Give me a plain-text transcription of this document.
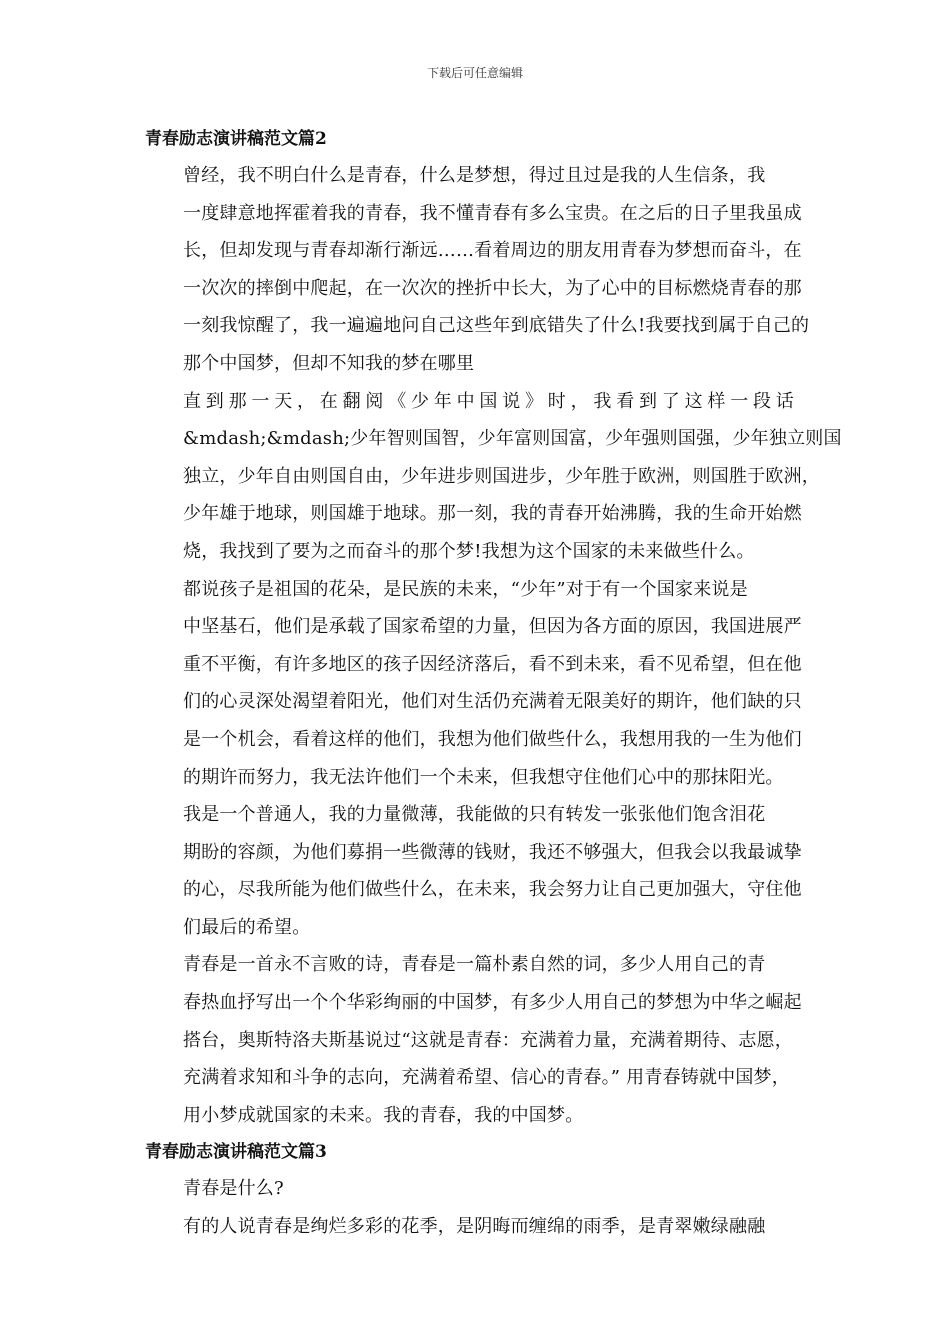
下载后可任意编辑
青春励志演讲稿范文篇2

曾经，我不明白什么是青春，什么是梦想，得过且过是我的人生信条，我
一度肆意地挥霍着我的青春，我不懂青春有多么宝贵。在之后的日子里我虽成
长，但却发现与青春却渐行渐远……看着周边的朋友用青春为梦想而奋斗，在
一次次的摔倒中爬起，在一次次的挫折中长大，为了心中的目标燃烧青春的那
一刻我惊醒了，我一遍遍地问自己这些年到底错失了什么!我要找到属于自己的
那个中国梦，但却不知我的梦在哪里

直到那一天，在翻阅《少年中国说》时，我看到了这样一段话
&mdash;&mdash;少年智则国智，少年富则国富，少年强则国强，少年独立则国
独立，少年自由则国自由，少年进步则国进步，少年胜于欧洲，则国胜于欧洲，
少年雄于地球，则国雄于地球。那一刻，我的青春开始沸腾，我的生命开始燃
烧，我找到了要为之而奋斗的那个梦!我想为这个国家的未来做些什么。

都说孩子是祖国的花朵，是民族的未来，“少年”对于有一个国家来说是
中坚基石，他们是承载了国家希望的力量，但因为各方面的原因，我国进展严
重不平衡，有许多地区的孩子因经济落后，看不到未来，看不见希望，但在他
们的心灵深处渴望着阳光，他们对生活仍充满着无限美好的期许，他们缺的只
是一个机会，看着这样的他们，我想为他们做些什么，我想用我的一生为他们
的期许而努力，我无法许他们一个未来，但我想守住他们心中的那抹阳光。

我是一个普通人，我的力量微薄，我能做的只有转发一张张他们饱含泪花
期盼的容颜，为他们募捐一些微薄的钱财，我还不够强大，但我会以我最诚挚
的心，尽我所能为他们做些什么，在未来，我会努力让自己更加强大，守住他
们最后的希望。

青春是一首永不言败的诗，青春是一篇朴素自然的词，多少人用自己的青
春热血抒写出一个个华彩绚丽的中国梦，有多少人用自己的梦想为中华之崛起
搭台，奥斯特洛夫斯基说过“这就是青春：充满着力量，充满着期待、志愿，
充满着求知和斗争的志向，充满着希望、信心的青春。” 用青春铸就中国梦，
用小梦成就国家的未来。我的青春，我的中国梦。

青春励志演讲稿范文篇3

青春是什么?

有的人说青春是绚烂多彩的花季，是阴晦而缠绵的雨季，是青翠嫩绿融融
